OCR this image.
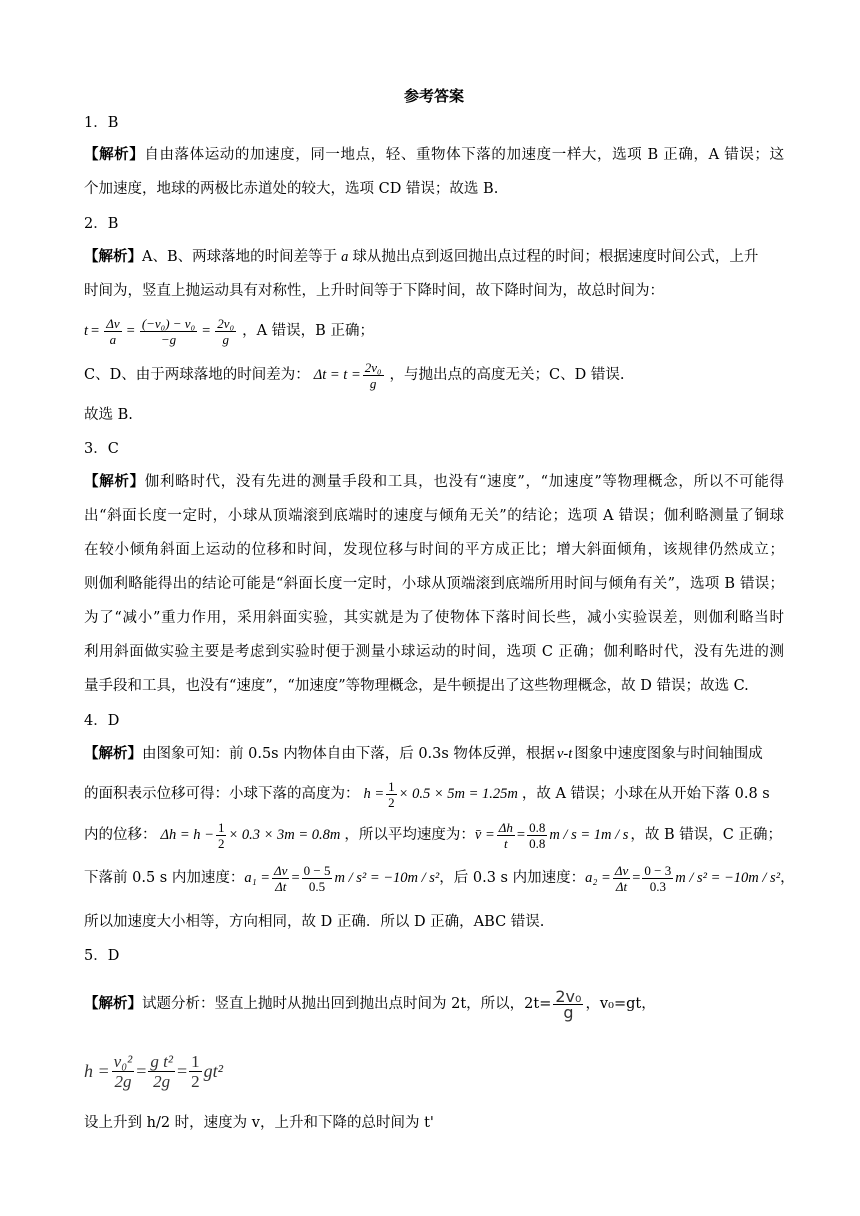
参考答案
1．B
【解析】自由落体运动的加速度，同一地点，轻、重物体下落的加速度一样大，选项 B 正确，A 错误；这
个加速度，地球的两极比赤道处的较大，选项 CD 错误；故选 B.
2．B
【解析】A、B、两球落地的时间差等于 a 球从抛出点到返回抛出点过程的时间；根据速度时间公式，上升
时间为，竖直上抛运动具有对称性，上升时间等于下降时间，故下降时间为，故总时间为：
$t = \frac{\Delta v}{a} = \frac{\text{(−v₀) − v₀}}{-g} = \frac{\text{2v₀}}{g}$ ，A 错误，B 正确；
C、D、由于两球落地的时间差为： $\Delta t = t = \frac{\text{2v₀}}{g}$ ，与抛出点的高度无关；C、D 错误.
故选 B.
3．C
【解析】伽利略时代，没有先进的测量手段和工具，也没有“速度”，“加速度”等物理概念，所以不可能得
出“斜面长度一定时，小球从顶端滚到底端时的速度与倾角无关”的结论；选项 A 错误；伽利略测量了铜球
在较小倾角斜面上运动的位移和时间，发现位移与时间的平方成正比；增大斜面倾角，该规律仍然成立；
则伽利略能得出的结论可能是“斜面长度一定时，小球从顶端滚到底端所用时间与倾角有关”，选项 B 错误；
为了“减小”重力作用，采用斜面实验，其实就是为了使物体下落时间长些，减小实验误差，则伽利略当时
利用斜面做实验主要是考虑到实验时便于测量小球运动的时间，选项 C 正确；伽利略时代，没有先进的测
量手段和工具，也没有“速度”，“加速度”等物理概念，是牛顿提出了这些物理概念，故 D 错误；故选 C.
4．D
【解析】由图象可知：前 0.5s 内物体自由下落，后 0.3s 物体反弹，根据 v-t 图象中速度图象与时间轴围成
的面积表示位移可得：小球下落的高度为： $h = \frac{1}{2} \times 0.5 \times 5m = 1.25m$ ，故 A 错误；小球在从开始下落 0.8 s
内的位移： $\Delta h = h - \frac{1}{2} \times 0.3 \times 3m = 0.8m$ ，所以平均速度为： v̄ = $\frac{\Delta h}{t} = \frac{0.8}{0.8}$ m / s = 1m / s ，故 B 错误，C 正确；
下落前 0.5 s 内加速度： $a_1 = \frac{\Delta v}{\Delta t} = \frac{0 - 5}{0.5}$ m / s² = −10m / s² ，后 0.3 s 内加速度： $a_2 = \frac{\Delta v}{\Delta t} = \frac{0 - 3}{0.3}$ m / s² = −10m / s² ，
所以加速度大小相等，方向相同，故 D 正确．所以 D 正确，ABC 错误.
5．D
【解析】 试题分析：竖直上抛时从抛出回到抛出点时间为 2t，所以，$2t= \frac{\text{2v₀}}{g}$ ，v₀=gt，
$h = \frac{\text{v₀²}}{2g} = \frac{\text{g t²}}{2g} = \frac{1}{2} gt^2$
设上升到 h/2 时，速度为 v，上升和下降的总时间为 t'
